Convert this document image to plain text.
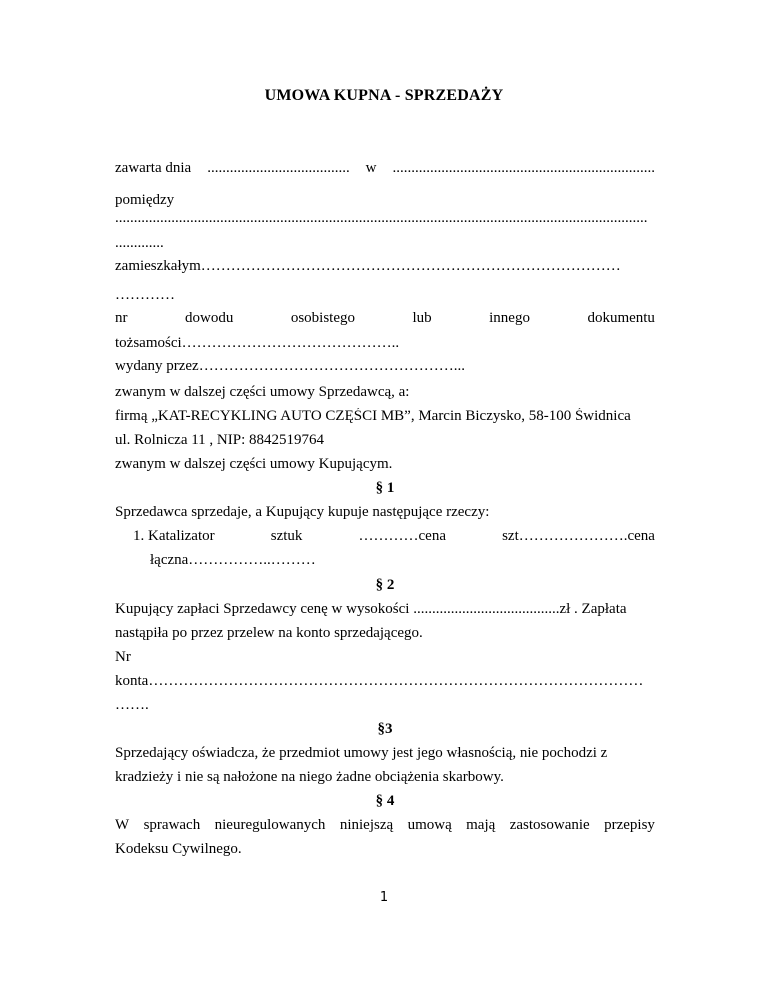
UMOWA KUPNA - SPRZEDAŻY
zawarta dnia ...................................... w ......................................................................
pomiędzy
..............................................................................................................................................
.............
zamieszkałym…………………………………………………………………………
…………
nr	dowodu	osobistego	lub	innego	dokumentu
tożsamości……………………………………..
wydany przez……………………………………………...
zwanym w dalszej części umowy Sprzedawcą, a:
firmą „KAT-RECYKLING AUTO CZĘŚCI MB”, Marcin Biczysko, 58-100 Świdnica
ul. Rolnicza 11 , NIP: 8842519764
zwanym w dalszej części umowy Kupującym.
§ 1
Sprzedawca sprzedaje, a Kupujący kupuje następujące rzeczy:
1. Katalizator	sztuk	…………cena	szt………………….cena
łączna……………..………
§ 2
Kupujący zapłaci Sprzedawcy cenę w wysokości .......................................zł . Zapłata
nastąpiła po przez przelew na konto sprzedającego.
Nr
konta………………………………………………………………………………………
…….
§3
Sprzedający oświadcza, że przedmiot umowy jest jego własnością, nie pochodzi z
kradzieży i nie są nałożone na niego żadne obciążenia skarbowy.
§ 4
W sprawach nieuregulowanych niniejszą umową mają zastosowanie przepisy
Kodeksu Cywilnego.
1
